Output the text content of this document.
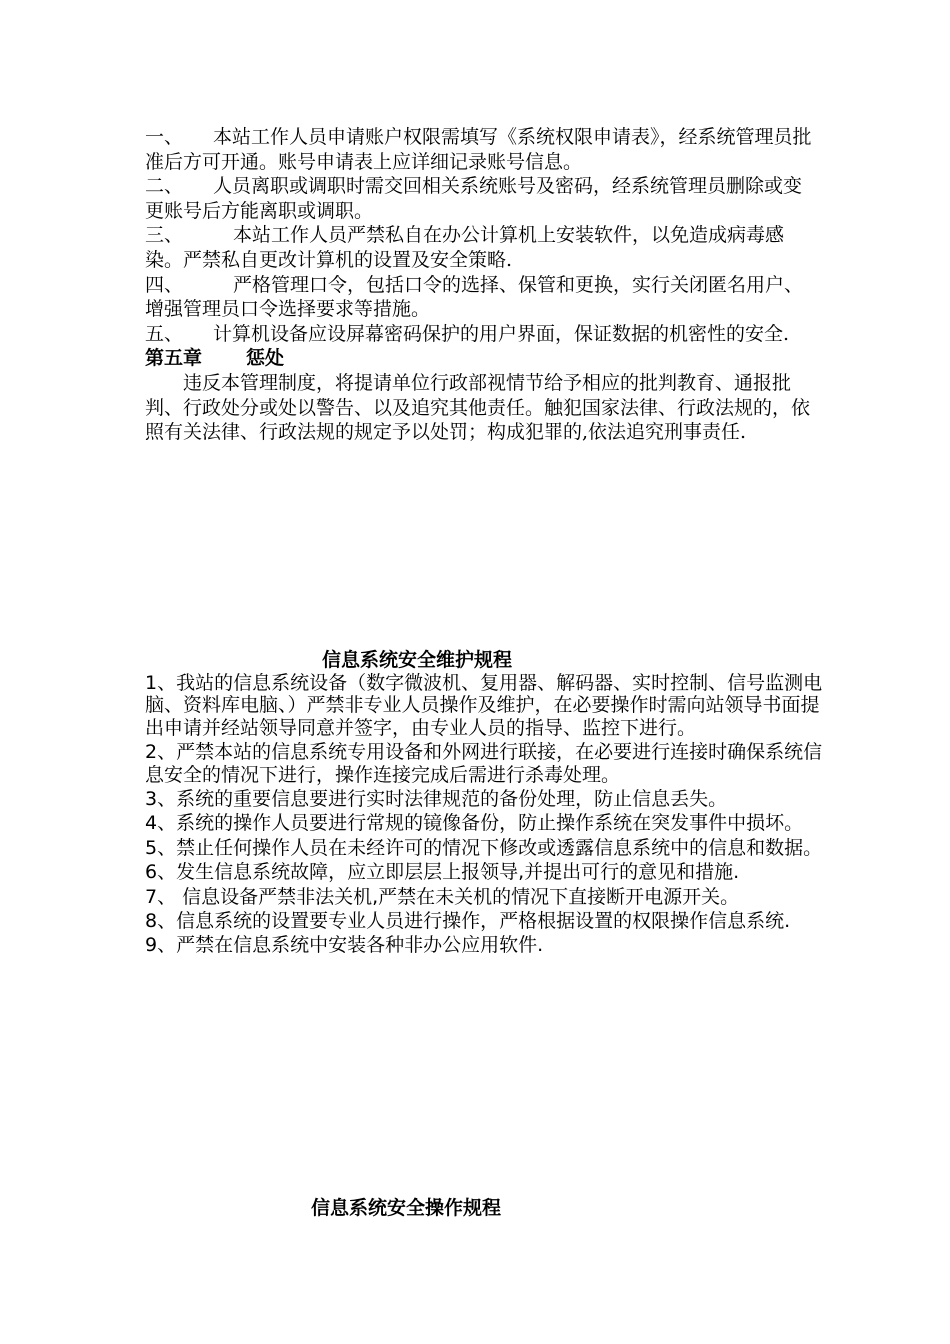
一、 本站工作人员申请账户权限需填写《系统权限申请表》，经系统管理员批准后方可开通。账号申请表上应详细记录账号信息。

二、 人员离职或调职时需交回相关系统账号及密码，经系统管理员删除或变更账号后方能离职或调职。

三、	本站工作人员严禁私自在办公计算机上安装软件，以免造成病毒感染。严禁私自更改计算机的设置及安全策略.

四、	严格管理口令，包括口令的选择、保管和更换，实行关闭匿名用户、增强管理员口令选择要求等措施。

五、 计算机设备应设屏幕密码保护的用户界面，保证数据的机密性的安全.

第五章 惩处

违反本管理制度，将提请单位行政部视情节给予相应的批判教育、通报批判、行政处分或处以警告、以及追究其他责任。触犯国家法律、行政法规的，依照有关法律、行政法规的规定予以处罚；构成犯罪的,依法追究刑事责任.

信息系统安全维护规程

1、我站的信息系统设备（数字微波机、复用器、解码器、实时控制、信号监测电脑、资料库电脑、）严禁非专业人员操作及维护，在必要操作时需向站领导书面提出申请并经站领导同意并签字，由专业人员的指导、监控下进行。

2、严禁本站的信息系统专用设备和外网进行联接，在必要进行连接时确保系统信息安全的情况下进行，操作连接完成后需进行杀毒处理。

3、系统的重要信息要进行实时法律规范的备份处理，防止信息丢失。

4、系统的操作人员要进行常规的镜像备份，防止操作系统在突发事件中损坏。

5、禁止任何操作人员在未经许可的情况下修改或透露信息系统中的信息和数据。

6、发生信息系统故障，应立即层层上报领导,并提出可行的意见和措施.

7、 信息设备严禁非法关机,严禁在未关机的情况下直接断开电源开关。

8、信息系统的设置要专业人员进行操作，严格根据设置的权限操作信息系统.

9、严禁在信息系统中安装各种非办公应用软件.

信息系统安全操作规程
